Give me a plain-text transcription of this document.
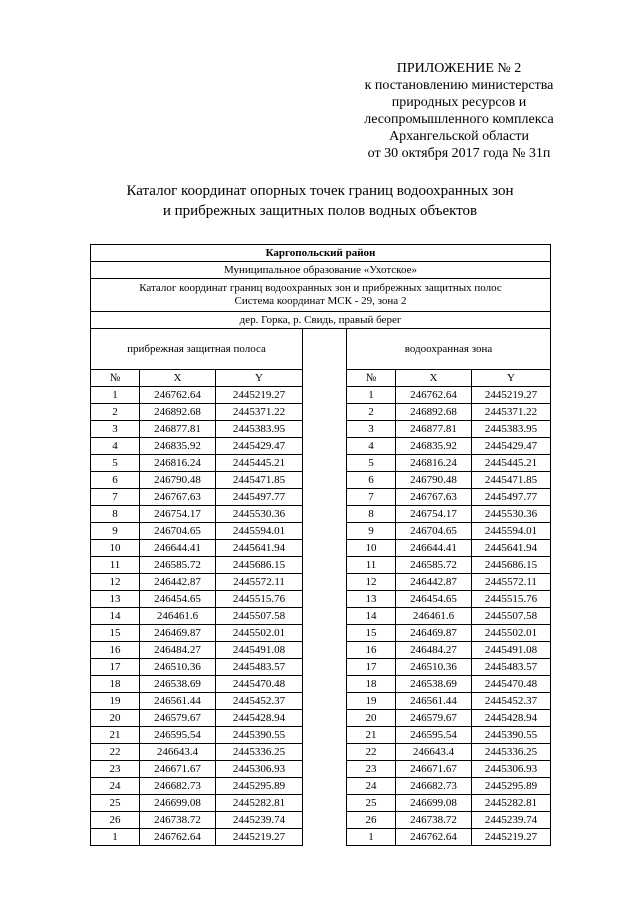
ПРИЛОЖЕНИЕ № 2
к постановлению министерства
природных ресурсов и
лесопромышленного комплекса
Архангельской области
от 30 октября 2017 года № 31п
Каталог координат опорных точек границ водоохранных зон
и прибрежных защитных полов водных объектов
Каргопольский район						
Муниципальное образование «Ухотское»						

Каталог координат границ водоохранных зон и прибрежных защитных полос
Система координат МСК - 29, зона 2						

дер. Горка, р. Свидь, правый берег						
прибрежная защитная полоса				водоохранная зона		
№	X	Y		№	X	Y
1	246762.64	2445219.27		1	246762.64	2445219.27
2	246892.68	2445371.22		2	246892.68	2445371.22
3	246877.81	2445383.95		3	246877.81	2445383.95
4	246835.92	2445429.47		4	246835.92	2445429.47
5	246816.24	2445445.21		5	246816.24	2445445.21
6	246790.48	2445471.85		6	246790.48	2445471.85
7	246767.63	2445497.77		7	246767.63	2445497.77
8	246754.17	2445530.36		8	246754.17	2445530.36
9	246704.65	2445594.01		9	246704.65	2445594.01
10	246644.41	2445641.94		10	246644.41	2445641.94
11	246585.72	2445686.15		11	246585.72	2445686.15
12	246442.87	2445572.11		12	246442.87	2445572.11
13	246454.65	2445515.76		13	246454.65	2445515.76
14	246461.6	2445507.58		14	246461.6	2445507.58
15	246469.87	2445502.01		15	246469.87	2445502.01
16	246484.27	2445491.08		16	246484.27	2445491.08
17	246510.36	2445483.57		17	246510.36	2445483.57
18	246538.69	2445470.48		18	246538.69	2445470.48
19	246561.44	2445452.37		19	246561.44	2445452.37
20	246579.67	2445428.94		20	246579.67	2445428.94
21	246595.54	2445390.55		21	246595.54	2445390.55
22	246643.4	2445336.25		22	246643.4	2445336.25
23	246671.67	2445306.93		23	246671.67	2445306.93
24	246682.73	2445295.89		24	246682.73	2445295.89
25	246699.08	2445282.81		25	246699.08	2445282.81
26	246738.72	2445239.74		26	246738.72	2445239.74
1	246762.64	2445219.27		1	246762.64	2445219.27
